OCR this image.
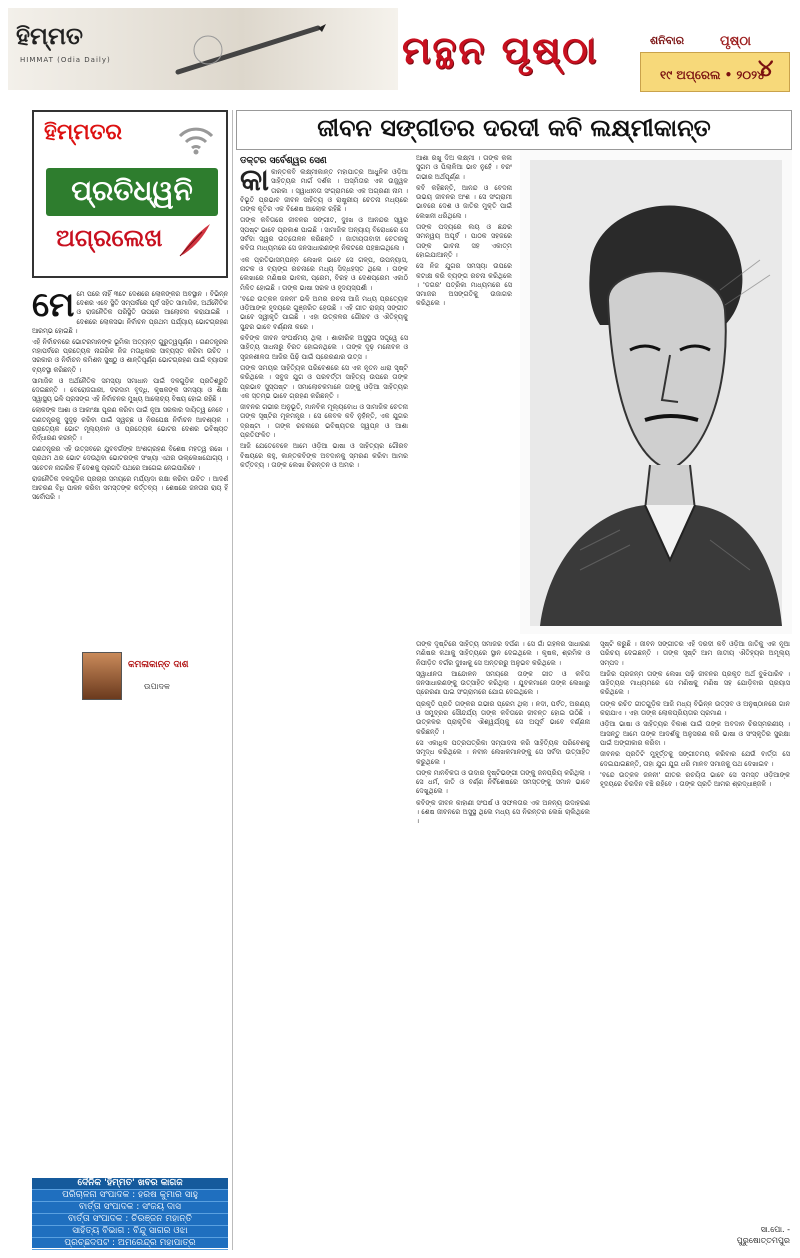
ହିମ୍ମତ
HIMMAT (Odia Daily)	ମନ୍ଥନ ପୃଷ୍ଠା	ଶନିବାର	ପୃଷ୍ଠା
୧୯ ଅପ୍ରେଲ • ୨୦୨୪
୪
ହିମ୍ମତର
ପ୍ରତିଧ୍ୱନି
ଅଗ୍ରଲେଖ

ମେମେ ପରେ ନାହିଁ ୩ଟେ ଦେଶରେ ଲୋକଙ୍କର ଅବସ୍ଥାନ । ବିଭିନ୍ନ ଦେଶର ଏବେ ସ୍ଥିତି ସମ୍ପର୍କରେ ପୂର୍ବ ସହିତ ସାମାଜିକ, ଅର୍ଥନୈତିକ ଓ ରାଜନୈତିକ ପରିସ୍ଥିତି ଉପରେ ଆଲୋଚନା କରାଯାଇଛି । ଦେଶରେ ଲୋକସଭା ନିର୍ବାଚନ ପ୍ରଥମ ପର୍ଯ୍ୟାୟ ଭୋଟଗ୍ରହଣ ଆରମ୍ଭ ହୋଇଛି ।

ଏହି ନିର୍ବାଚନରେ ଭୋଟରମାନଙ୍କ ଭୂମିକା ଅତ୍ୟନ୍ତ ଗୁରୁତ୍ୱପୂର୍ଣ୍ଣ । ଗଣତନ୍ତ୍ରର ମହାପର୍ବରେ ପ୍ରତ୍ୟେକ ନାଗରିକ ନିଜ ମତାଧିକାର ସାବ୍ୟସ୍ତ କରିବା ଉଚିତ । ସରକାର ଓ ନିର୍ବାଚନ କମିଶନ ସୁଷ୍ଠୁ ଓ ଶାନ୍ତିପୂର୍ଣ୍ଣ ଭୋଟଗ୍ରହଣ ପାଇଁ ବ୍ୟାପକ ବ୍ୟବସ୍ଥା କରିଛନ୍ତି ।

ସାମାଜିକ ଓ ଅର୍ଥନୈତିକ ସମସ୍ୟା ସମାଧାନ ପାଇଁ ଦଳଗୁଡ଼ିକ ପ୍ରତିଶ୍ରୁତି ଦେଇଛନ୍ତି । ବେରୋଜଗାରୀ, ଦରଦାମ ବୃଦ୍ଧି, କୃଷକଙ୍କ ସମସ୍ୟା ଓ ଶିକ୍ଷା ସ୍ୱାସ୍ଥ୍ୟ ଭଳି ପ୍ରସଙ୍ଗ ଏହି ନିର୍ବାଚନର ମୁଖ୍ୟ ଆଲୋଚ୍ୟ ବିଷୟ ହୋଇ ରହିଛି ।

ଲୋକଙ୍କ ଆଶା ଓ ଆକାଂକ୍ଷା ପୂରଣ କରିବା ପାଇଁ ନୂଆ ସରକାର ଦାୟିତ୍ୱ ନେବେ । ଗଣତନ୍ତ୍ରକୁ ସୁଦୃଢ଼ କରିବା ପାଇଁ ସ୍ୱଚ୍ଛ ଓ ନିରପେକ୍ଷ ନିର୍ବାଚନ ଆବଶ୍ୟକ । ପ୍ରତ୍ୟେକ ଭୋଟ ମୂଲ୍ୟବାନ ଓ ପ୍ରତ୍ୟେକ ଭୋଟର ଦେଶର ଭବିଷ୍ୟତ ନିର୍ଦ୍ଧାରଣ କରନ୍ତି ।

ଗଣତନ୍ତ୍ରର ଏହି ଉତ୍ସବରେ ଯୁବବର୍ଗଙ୍କ ଅଂଶଗ୍ରହଣ ବିଶେଷ ମହତ୍ୱ ରଖେ । ପ୍ରଥମ ଥର ଭୋଟ ଦେଉଥିବା ଭୋଟରଙ୍କ ସଂଖ୍ୟା ଏଥର ଉଲ୍ଲେଖଯୋଗ୍ୟ । ସଚେତନ ନାଗରିକ ହିଁ ଦେଶକୁ ପ୍ରଗତି ପଥରେ ଆଗେଇ ନେଇପାରିବେ ।

ରାଜନୈତିକ ଦଳଗୁଡ଼ିକ ପ୍ରଚାର ସମୟରେ ମର୍ଯ୍ୟାଦା ରକ୍ଷା କରିବା ଉଚିତ । ଆଦର୍ଶ ଆଚରଣ ବିଧି ପାଳନ କରିବା ସମସ୍ତଙ୍କ କର୍ତ୍ତବ୍ୟ । ଶେଷରେ ଜନତାର ରାୟ ହିଁ ସର୍ବୋପରି ।

କମଳାକାନ୍ତ ଦାଶ
ଉପାଦକ
ଦୈନିକ 'ହିମ୍ମତ' ଖବର କାଗଜ
ପରିଚାଳନା ସଂପାଦକ : ହରଷ କୁମାର ସାହୁ
ବାର୍ତ୍ତା ସଂପାଦକ : ସଂଜୟ ଦାସ
ବାର୍ତ୍ତା ସଂପାଦକ : ଚିରଞ୍ଜନ ମହାନ୍ତି
ସାହିତ୍ୟ ବିଭାଗ : ବିନ୍ଦୁ ସାଗର ଓଝା
ପ୍ରଚ୍ଛଦପଟ : ଅମରେନ୍ଦ୍ର ମହାପାତ୍ର
ଜୀବନ ସଙ୍ଗୀତର ଦରଦୀ କବି ଲକ୍ଷ୍ମୀକାନ୍ତ
ଡକ୍ଟର ସର୍ବେଶ୍ୱର ସେଣ

କାକାନ୍ତକବି ଲକ୍ଷ୍ମୀକାନ୍ତ ମହାପାତ୍ର ଆଧୁନିକ ଓଡ଼ିଆ ସାହିତ୍ୟର ମାର୍ଗ ଦର୍ଶକ । ଅସ୍ମିତାର ଏକ ଉଜ୍ଜ୍ୱଳ ତାରକା । ସ୍ୱାଧୀନତା ସଂଗ୍ରାମରେ ଏକ ଅଗ୍ରଣୀ ନାମ । ବିଭୂତି ପ୍ରଭାବ ଜୀବନ ସାହିତ୍ୟ ଓ ରାଷ୍ଟ୍ରୀୟ ଚେତନା ମଧ୍ୟରେ ତାଙ୍କ କୃତିର ଏକ ବିଶେଷ ଆଲୋକ ରହିଛି ।

ତାଙ୍କ କବିତାରେ ଜୀବନର ସଙ୍ଗୀତ, ଦୁଃଖ ଓ ଆନନ୍ଦର ସ୍ୱର ସ୍ପଷ୍ଟ ଭାବେ ପ୍ରକାଶ ପାଇଛି । ସାମାଜିକ ଅନ୍ୟାୟ ବିରୋଧରେ ସେ ସର୍ବଦା ସ୍ୱର ଉତ୍ତୋଳନ କରିଛନ୍ତି । ଜାତୀୟତାବାଦୀ ଚେତନାକୁ କବିତା ମାଧ୍ୟମରେ ସେ ଜନସାଧାରଣଙ୍କ ନିକଟରେ ପହଞ୍ଚାଇଥିଲେ ।

ଏକ ପ୍ରତିଭାସମ୍ପନ୍ନ ଲେଖକ ଭାବେ ସେ ଗଳ୍ପ, ଉପନ୍ୟାସ, ନାଟକ ଓ ବ୍ୟଙ୍ଗ ରଚନାରେ ମଧ୍ୟ ସିଦ୍ଧହସ୍ତ ଥିଲେ । ତାଙ୍କ ଲେଖାରେ ମଣିଷର ଭାବନା, ପ୍ରେମ, ବିରହ ଓ ଦେଶପ୍ରେମ ଏକାଠି ମିଳିତ ହୋଇଛି । ତାଙ୍କ ଭାଷା ସରଳ ଓ ହୃଦୟସ୍ପର୍ଶୀ ।

'ବନ୍ଦେ ଉତ୍କଳ ଜନନୀ' ଭଳି ଅମର ରଚନା ଆଜି ମଧ୍ୟ ପ୍ରତ୍ୟେକ ଓଡ଼ିଆଙ୍କ ହୃଦୟରେ ଗୁଞ୍ଜରିତ ହେଉଛି । ଏହି ଗୀତ ରାଜ୍ୟ ସଙ୍ଗୀତ ଭାବେ ସ୍ୱୀକୃତି ପାଇଛି । ଏହା ଉତ୍କଳର ଗୌରବ ଓ ଐତିହ୍ୟକୁ ସୁନ୍ଦର ଭାବେ ବର୍ଣ୍ଣନା କରେ ।

କବିଙ୍କ ଜୀବନ ସଂଘର୍ଷମୟ ଥିଲା । ଶାରୀରିକ ଅସୁସ୍ଥତା ସତ୍ତ୍ୱେ ସେ ସାହିତ୍ୟ ସାଧନାରୁ ବିରତ ହୋଇନଥିଲେ । ତାଙ୍କ ଦୃଢ଼ ମନୋବଳ ଓ ସୃଜନଶୀଳତା ଆଜିର ପିଢ଼ି ପାଇଁ ପ୍ରେରଣାର ଉତ୍ସ ।

ତାଙ୍କ ସମୟର ସାହିତ୍ୟିକ ପରିବେଶରେ ସେ ଏକ ନୂତନ ଧାରା ସୃଷ୍ଟି କରିଥିଲେ । ସବୁଜ ଯୁଗ ଓ ପରବର୍ତ୍ତୀ ସାହିତ୍ୟ ଉପରେ ତାଙ୍କ ପ୍ରଭାବ ସୁସ୍ପଷ୍ଟ । ସମାଲୋଚକମାନେ ତାଙ୍କୁ ଓଡ଼ିଆ ସାହିତ୍ୟର ଏକ ସ୍ତମ୍ଭ ଭାବେ ଗ୍ରହଣ କରିଛନ୍ତି ।

ଜୀବନର ଗଭୀର ଅନୁଭୂତି, ମାନବିକ ମୂଲ୍ୟବୋଧ ଓ ସାମାଜିକ ଚେତନା ତାଙ୍କ ସୃଷ୍ଟିର ମୂଳମନ୍ତ୍ର । ସେ କେବଳ କବି ନୁହଁନ୍ତି, ଏକ ଯୁଗର ଦ୍ରଷ୍ଟା । ତାଙ୍କ ରଚନାରେ ଭବିଷ୍ୟତର ସ୍ୱପ୍ନ ଓ ଆଶା ପ୍ରତିଫଳିତ ।

ଆଜି ଯେତେବେଳେ ଆମେ ଓଡ଼ିଆ ଭାଷା ଓ ସାହିତ୍ୟର ଗୌରବ ବିଷୟରେ କହୁ, କାନ୍ତକବିଙ୍କ ଅବଦାନକୁ ସ୍ମରଣ କରିବା ଆମର କର୍ତ୍ତବ୍ୟ । ତାଙ୍କ ଲେଖା ଚିରନ୍ତନ ଓ ଅମର ।

ଆଶା ରଖୁ ଦିଅ ଲକ୍ଷ୍ମୀ । ତାଙ୍କ କଳା ସୁଗମ ଓ ପିଲାଳିଆ ଭାବ ନୁହେଁ । ବରଂ ଗଭୀର ଅର୍ଥପୂର୍ଣ୍ଣ ।

କବି କହିଛନ୍ତି, ଆନନ୍ଦ ଓ ବେଦନା ଉଭୟ ଜୀବନର ଅଂଶ । ସେ ସଂଗ୍ରାମୀ ଭାବରେ ଦେଶ ଓ ଜାତିର ମୁକ୍ତି ପାଇଁ ଲେଖନୀ ଧରିଥିଲେ ।

ତାଙ୍କ ପଦ୍ୟରେ ଲୟ ଓ ଛନ୍ଦର ସମନ୍ୱୟ ଅପୂର୍ବ । ପାଠକ ସହଜରେ ତାଙ୍କ ଭାବନା ସହ ଏକାତ୍ମ ହୋଇଯାଆନ୍ତି ।

ସେ ନିଜ ଯୁଗର ସମସ୍ୟା ଉପରେ କଟାକ୍ଷ କରି ବ୍ୟଙ୍ଗ ରଚନା କରିଥିଲେ । 'ଡଗର' ପତ୍ରିକା ମାଧ୍ୟମରେ ସେ ସମାଜର ଅସଙ୍ଗତିକୁ ଉଜାଗର କରିଥିଲେ ।

ତାଙ୍କ ଦୃଷ୍ଟିରେ ସାହିତ୍ୟ ସମାଜର ଦର୍ପଣ । ସେ ଗାଁ ଗହଳର ସାଧାରଣ ମଣିଷର କଥାକୁ ସାହିତ୍ୟରେ ସ୍ଥାନ ଦେଇଥିଲେ । କୃଷକ, ଶ୍ରମିକ ଓ ନିପୀଡ଼ିତ ବର୍ଗର ଦୁଃଖକୁ ସେ ଅନ୍ତରରୁ ଅନୁଭବ କରିଥିଲେ ।

ସ୍ୱାଧୀନତା ଆନ୍ଦୋଳନ ସମୟରେ ତାଙ୍କ ଗୀତ ଓ କବିତା ଜନସାଧାରଣଙ୍କୁ ଉତ୍ସାହିତ କରିଥିଲା । ଯୁବକମାନେ ତାଙ୍କ ଲେଖାରୁ ପ୍ରେରଣା ପାଇ ସଂଗ୍ରାମରେ ଯୋଗ ଦେଇଥିଲେ ।

ପ୍ରକୃତି ପ୍ରତି ତାଙ୍କର ଗଭୀର ପ୍ରେମ ଥିଲା । ନଦୀ, ପର୍ବତ, ଅରଣ୍ୟ ଓ ସମୁଦ୍ରର ସୌନ୍ଦର୍ଯ୍ୟ ତାଙ୍କ କବିତାରେ ଜୀବନ୍ତ ହୋଇ ଉଠିଛି । ଉତ୍କଳର ପ୍ରାକୃତିକ ଐଶ୍ୱର୍ଯ୍ୟକୁ ସେ ଅପୂର୍ବ ଭାବେ ବର୍ଣ୍ଣନା କରିଛନ୍ତି ।

ସେ ଏକାଧିକ ପତ୍ରପତ୍ରିକା ସମ୍ପାଦନା କରି ସାହିତ୍ୟିକ ପରିବେଶକୁ ସମୃଦ୍ଧ କରିଥିଲେ । ନବୀନ ଲେଖକମାନଙ୍କୁ ସେ ସର୍ବଦା ଉତ୍ସାହିତ କରୁଥିଲେ ।

ତାଙ୍କ ମାନବିକତା ଓ ଉଦାର ଦୃଷ୍ଟିଭଙ୍ଗୀ ତାଙ୍କୁ ଜନପ୍ରିୟ କରିଥିଲା । ସେ ଧର୍ମ, ଜାତି ଓ ବର୍ଣ୍ଣ ନିର୍ବିଶେଷରେ ସମସ୍ତଙ୍କୁ ସମାନ ଭାବେ ଦେଖୁଥିଲେ ।

କବିଙ୍କ ଜୀବନ କାହାଣୀ ସଂଘର୍ଷ ଓ ସଫଳତାର ଏକ ଅନନ୍ୟ ଉଦାହରଣ । ଶେଷ ଜୀବନରେ ଅସୁସ୍ଥ ଥିଲେ ମଧ୍ୟ ସେ ନିରନ୍ତର ଲେଖି ଚାଲିଥିଲେ ।

ସୃଷ୍ଟି କରୁଛି । ଜୀବନ ସଙ୍ଗୀତର ଏହି ଦରଦୀ କବି ଓଡ଼ିଆ ଜାତିକୁ ଏକ ନୂଆ ପରିଚୟ ଦେଇଛନ୍ତି । ତାଙ୍କ ସୃଷ୍ଟି ଆମ ଜାତୀୟ ଐତିହ୍ୟର ଅମୂଲ୍ୟ ସମ୍ପଦ ।

ଆଜିର ପ୍ରଜନ୍ମ ତାଙ୍କ ଲେଖା ପଢ଼ି ଜୀବନର ପ୍ରକୃତ ଅର୍ଥ ବୁଝିପାରିବ । ସାହିତ୍ୟର ମାଧ୍ୟମରେ ସେ ମଣିଷକୁ ମଣିଷ ସହ ଯୋଡ଼ିବାର ପ୍ରୟାସ କରିଥିଲେ ।

ତାଙ୍କ ରଚିତ ଗୀତଗୁଡ଼ିକ ଆଜି ମଧ୍ୟ ବିଭିନ୍ନ ଉତ୍ସବ ଓ ଅନୁଷ୍ଠାନରେ ଗାନ କରାଯାଏ । ଏହା ତାଙ୍କ ଲୋକପ୍ରିୟତାର ପ୍ରମାଣ ।

ଓଡ଼ିଆ ଭାଷା ଓ ସାହିତ୍ୟର ବିକାଶ ପାଇଁ ତାଙ୍କ ଅବଦାନ ଚିରସ୍ମରଣୀୟ । ଆସନ୍ତୁ ଆମେ ତାଙ୍କ ଆଦର୍ଶକୁ ଅନୁସରଣ କରି ଭାଷା ଓ ସଂସ୍କୃତିର ସୁରକ୍ଷା ପାଇଁ ଅଙ୍ଗୀକାର କରିବା ।

ଜୀବନର ପ୍ରତିଟି ମୁହୂର୍ତ୍ତକୁ ସଙ୍ଗୀତମୟ କରିବାର ଯେଉଁ ବାର୍ତ୍ତା ସେ ଦେଇଯାଇଛନ୍ତି, ତାହା ଯୁଗ ଯୁଗ ଧରି ମାନବ ସମାଜକୁ ପଥ ଦେଖାଇବ ।

'ବନ୍ଦେ ଉତ୍କଳ ଜନନୀ' ଗୀତର ରଚୟିତା ଭାବେ ସେ ସମସ୍ତ ଓଡ଼ିଆଙ୍କ ହୃଦୟରେ ଚିରଦିନ ବଞ୍ଚି ରହିବେ । ତାଙ୍କ ପ୍ରତି ଆମର ଶ୍ରଦ୍ଧାଞ୍ଜଳି ।

ସା.ପୋ. -
ପୁରୁଷୋତ୍ତମପୁର
